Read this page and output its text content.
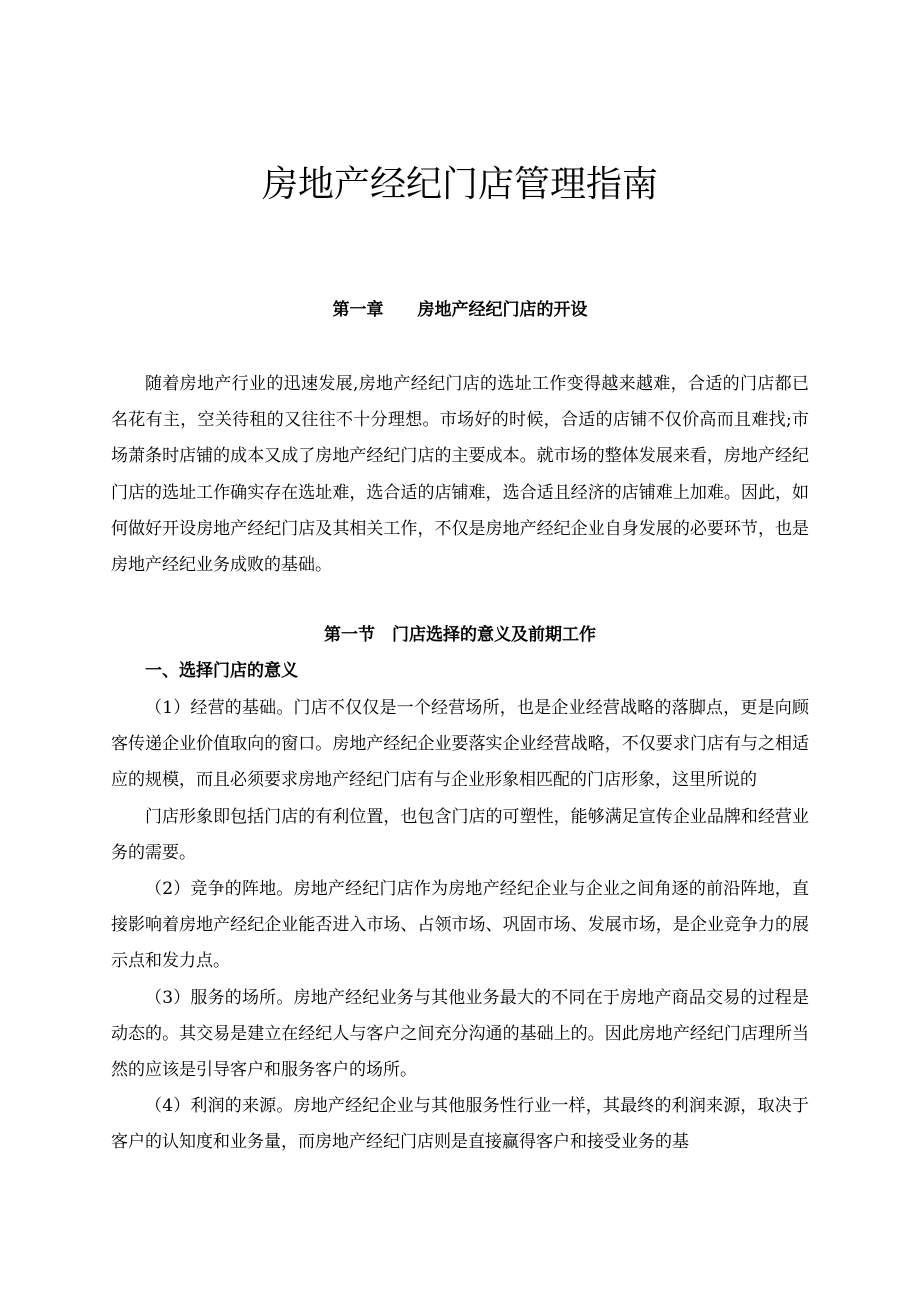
房地产经纪门店管理指南
第一章　　房地产经纪门店的开设

随着房地产行业的迅速发展,房地产经纪门店的选址工作变得越来越难，合适的门店都已名花有主，空关待租的又往往不十分理想。市场好的时候，合适的店铺不仅价高而且难找;市场萧条时店铺的成本又成了房地产经纪门店的主要成本。就市场的整体发展来看，房地产经纪门店的选址工作确实存在选址难，选合适的店铺难，选合适且经济的店铺难上加难。因此，如何做好开设房地产经纪门店及其相关工作，不仅是房地产经纪企业自身发展的必要环节，也是房地产经纪业务成败的基础。

第一节　门店选择的意义及前期工作
一、选择门店的意义

（1）经营的基础。门店不仅仅是一个经营场所，也是企业经营战略的落脚点，更是向顾客传递企业价值取向的窗口。房地产经纪企业要落实企业经营战略，不仅要求门店有与之相适应的规模，而且必须要求房地产经纪门店有与企业形象相匹配的门店形象，这里所说的

门店形象即包括门店的有利位置，也包含门店的可塑性，能够满足宣传企业品牌和经营业务的需要。

（2）竞争的阵地。房地产经纪门店作为房地产经纪企业与企业之间角逐的前沿阵地，直接影响着房地产经纪企业能否进入市场、占领市场、巩固市场、发展市场，是企业竞争力的展示点和发力点。

（3）服务的场所。房地产经纪业务与其他业务最大的不同在于房地产商品交易的过程是动态的。其交易是建立在经纪人与客户之间充分沟通的基础上的。因此房地产经纪门店理所当然的应该是引导客户和服务客户的场所。

（4）利润的来源。房地产经纪企业与其他服务性行业一样，其最终的利润来源，取决于客户的认知度和业务量，而房地产经纪门店则是直接赢得客户和接受业务的基
